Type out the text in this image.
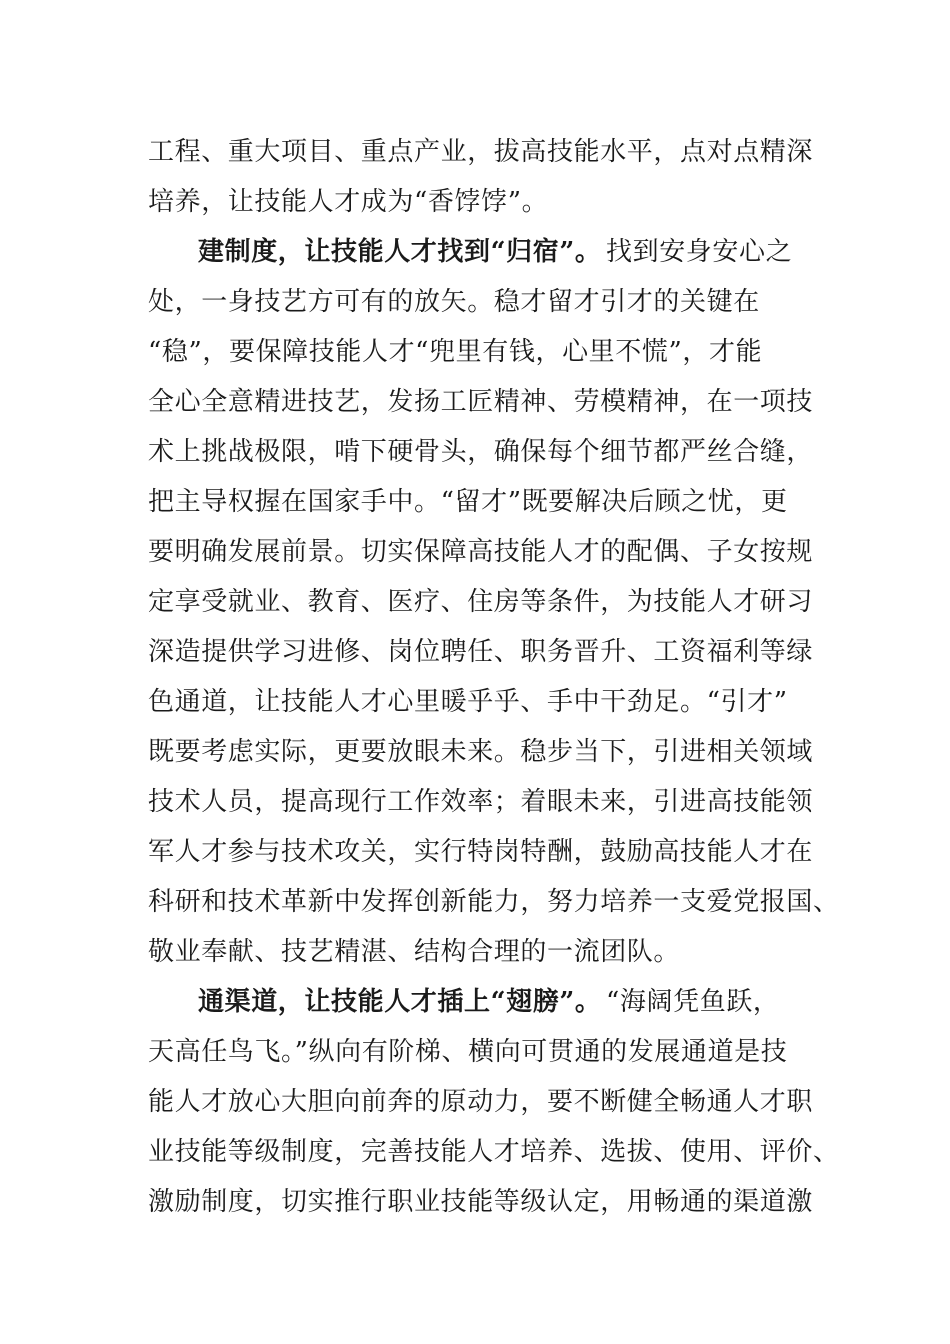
工程、重大项目、重点产业，拔高技能水平，点对点精深
培养，让技能人才成为“香饽饽”。
建制度，让技能人才找到“归宿”。 找到安身安心之
处，一身技艺方可有的放矢。稳才留才引才的关键在
“稳”，要保障技能人才“兜里有钱，心里不慌”，才能
全心全意精进技艺，发扬工匠精神、劳模精神，在一项技
术上挑战极限，啃下硬骨头，确保每个细节都严丝合缝，
把主导权握在国家手中。“留才”既要解决后顾之忧，更
要明确发展前景。切实保障高技能人才的配偶、子女按规
定享受就业、教育、医疗、住房等条件，为技能人才研习
深造提供学习进修、岗位聘任、职务晋升、工资福利等绿
色通道，让技能人才心里暖乎乎、手中干劲足。“引才”
既要考虑实际，更要放眼未来。稳步当下，引进相关领域
技术人员，提高现行工作效率；着眼未来，引进高技能领
军人才参与技术攻关，实行特岗特酬，鼓励高技能人才在
科研和技术革新中发挥创新能力，努力培养一支爱党报国、
敬业奉献、技艺精湛、结构合理的一流团队。
通渠道，让技能人才插上“翅膀”。 “海阔凭鱼跃，
天高任鸟飞。”纵向有阶梯、横向可贯通的发展通道是技
能人才放心大胆向前奔的原动力，要不断健全畅通人才职
业技能等级制度，完善技能人才培养、选拔、使用、评价、
激励制度，切实推行职业技能等级认定，用畅通的渠道激
